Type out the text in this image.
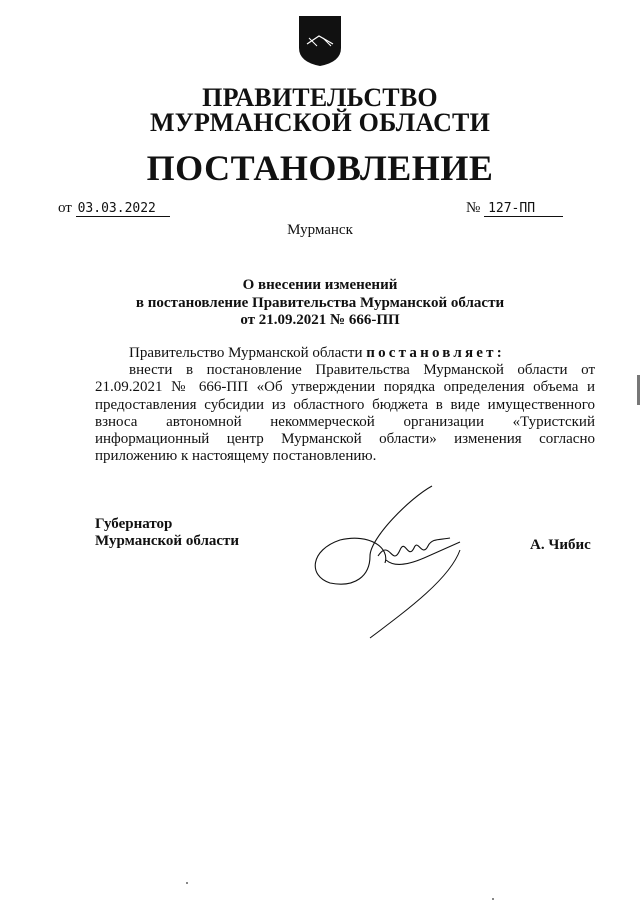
ПРАВИТЕЛЬСТВО
МУРМАНСКОЙ ОБЛАСТИ
ПОСТАНОВЛЕНИЕ
от 03.03.2022	№ 127-ПП
Мурманск
О внесении изменений
в постановление Правительства Мурманской области
от 21.09.2021 № 666-ПП
Правительство Мурманской области постановляет:
внести в постановление Правительства Мурманской области от
21.09.2021 № 666-ПП «Об утверждении порядка определения объема и
предоставления субсидии из областного бюджета в виде имущественного
взноса автономной некоммерческой организации «Туристский
информационный центр Мурманской области» изменения согласно
приложению к настоящему постановлению.
Губернатор
Мурманской области	А. Чибис
